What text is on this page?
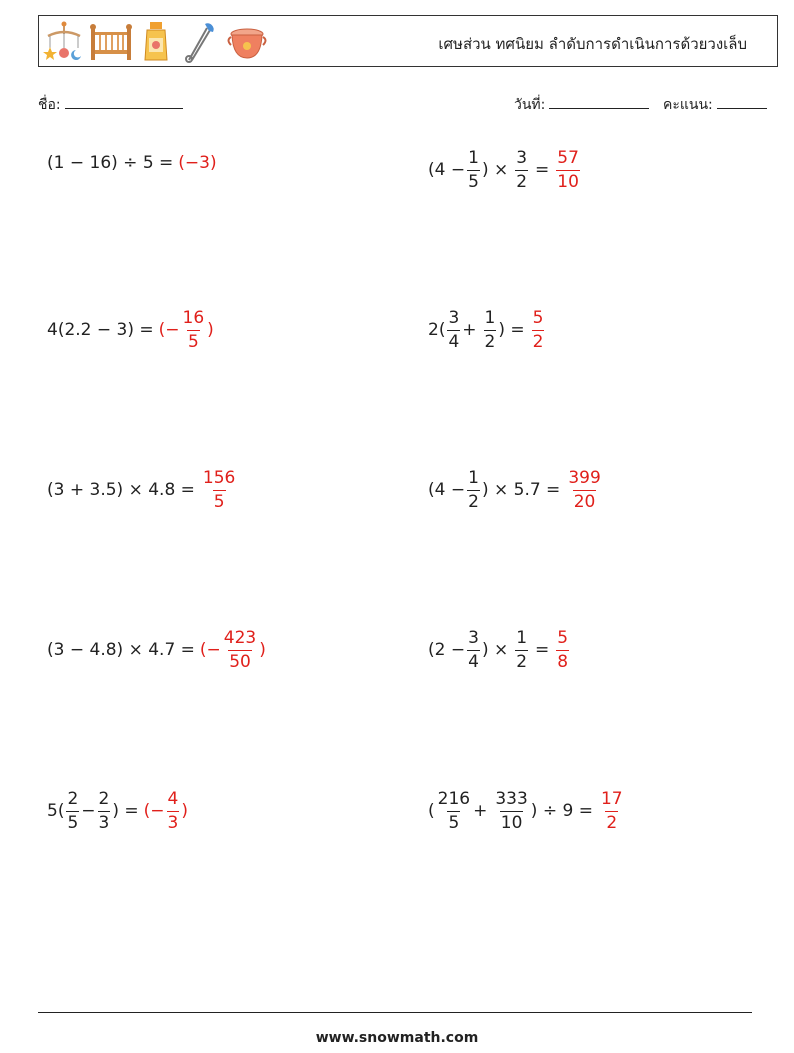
เศษส่วน ทศนิยม ลำดับการดำเนินการด้วยวงเล็บ
ชื่อ:	วันที่:	คะแนน:
(1 − 16) ÷ 5 = (−3)	($4 - \frac{1}{5}$ ) × $\frac{3}{2} = \frac{57}{10}$
4(2.2 − 3) = (− $\frac{16}{5}$ )	$2( \frac{3}{4} + \frac{1}{2}$ ) = $\frac{5}{2}$
$(3 + 3.5) \times 4.8 = \frac{156}{5}$	($4 - \frac{1}{2}$ ) × $5.7 = \frac{399}{20}$
(3 − 4.8) × 4.7 = (− $\frac{423}{50}$ )	($2 - \frac{3}{4}$ ) × $\frac{1}{2} = \frac{5}{8}$
$5( \frac{2}{5} - \frac{2}{3}$ ) = (− $\frac{4}{3}$ )	( $\frac{216}{5} + \frac{333}{10}$ ) ÷ $9 = \frac{17}{2}$
www.snowmath.com
